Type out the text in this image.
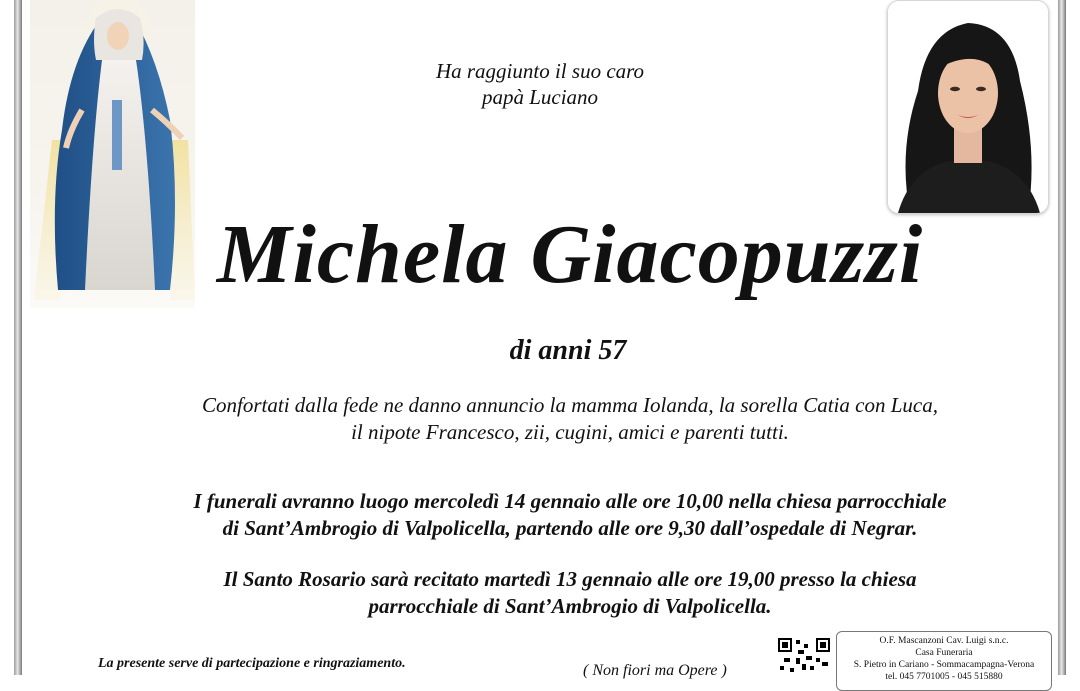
Ha raggiunto il suo caro
papà Luciano
Michela Giacopuzzi
di anni 57
Confortati dalla fede ne danno annuncio la mamma Iolanda, la sorella Catia con Luca,
il nipote Francesco, zii, cugini, amici e parenti tutti.
I funerali avranno luogo mercoledì 14 gennaio alle ore 10,00 nella chiesa parrocchiale
di Sant’Ambrogio di Valpolicella, partendo alle ore 9,30 dall’ospedale di Negrar.
Il Santo Rosario sarà recitato martedì 13 gennaio alle ore 19,00 presso la chiesa
parrocchiale di Sant’Ambrogio di Valpolicella.
La presente serve di partecipazione e ringraziamento.	( Non fiori ma Opere )
O.F. Mascanzoni Cav. Luigi s.n.c.
Casa Funeraria
S. Pietro in Cariano - Sommacampagna-Verona
tel. 045 7701005 - 045 515880
